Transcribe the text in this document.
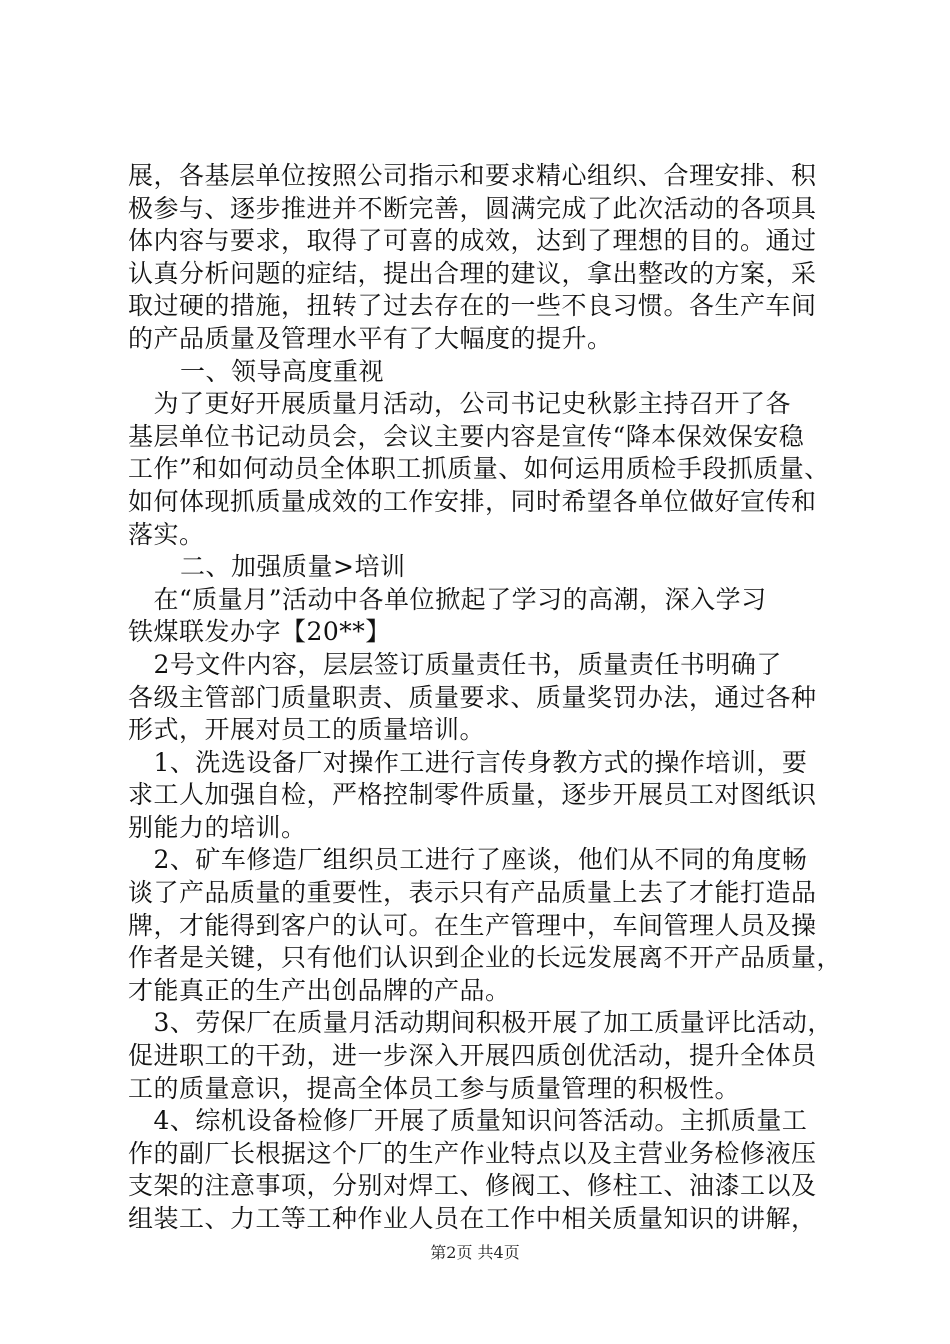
展，各基层单位按照公司指示和要求精心组织、合理安排、积
极参与、逐步推进并不断完善，圆满完成了此次活动的各项具
体内容与要求，取得了可喜的成效，达到了理想的目的。通过
认真分析问题的症结，提出合理的建议，拿出整改的方案，采
取过硬的措施，扭转了过去存在的一些不良习惯。各生产车间
的产品质量及管理水平有了大幅度的提升。
一、领导高度重视
　为了更好开展质量月活动，公司书记史秋影主持召开了各
基层单位书记动员会，会议主要内容是宣传“降本保效保安稳
工作”和如何动员全体职工抓质量、如何运用质检手段抓质量、
如何体现抓质量成效的工作安排，同时希望各单位做好宣传和
落实。
二、加强质量>培训
　在“质量月”活动中各单位掀起了学习的高潮，深入学习
铁煤联发办字【20**】
　2号文件内容，层层签订质量责任书，质量责任书明确了
各级主管部门质量职责、质量要求、质量奖罚办法，通过各种
形式，开展对员工的质量培训。
　1、洗选设备厂对操作工进行言传身教方式的操作培训，要
求工人加强自检，严格控制零件质量，逐步开展员工对图纸识
别能力的培训。
　2、矿车修造厂组织员工进行了座谈，他们从不同的角度畅
谈了产品质量的重要性，表示只有产品质量上去了才能打造品
牌，才能得到客户的认可。在生产管理中，车间管理人员及操
作者是关键，只有他们认识到企业的长远发展离不开产品质量，
才能真正的生产出创品牌的产品。
　3、劳保厂在质量月活动期间积极开展了加工质量评比活动，
促进职工的干劲，进一步深入开展四质创优活动，提升全体员
工的质量意识，提高全体员工参与质量管理的积极性。
　4、综机设备检修厂开展了质量知识问答活动。主抓质量工
作的副厂长根据这个厂的生产作业特点以及主营业务检修液压
支架的注意事项，分别对焊工、修阀工、修柱工、油漆工以及
组装工、力工等工种作业人员在工作中相关质量知识的讲解，
第2页 共4页
